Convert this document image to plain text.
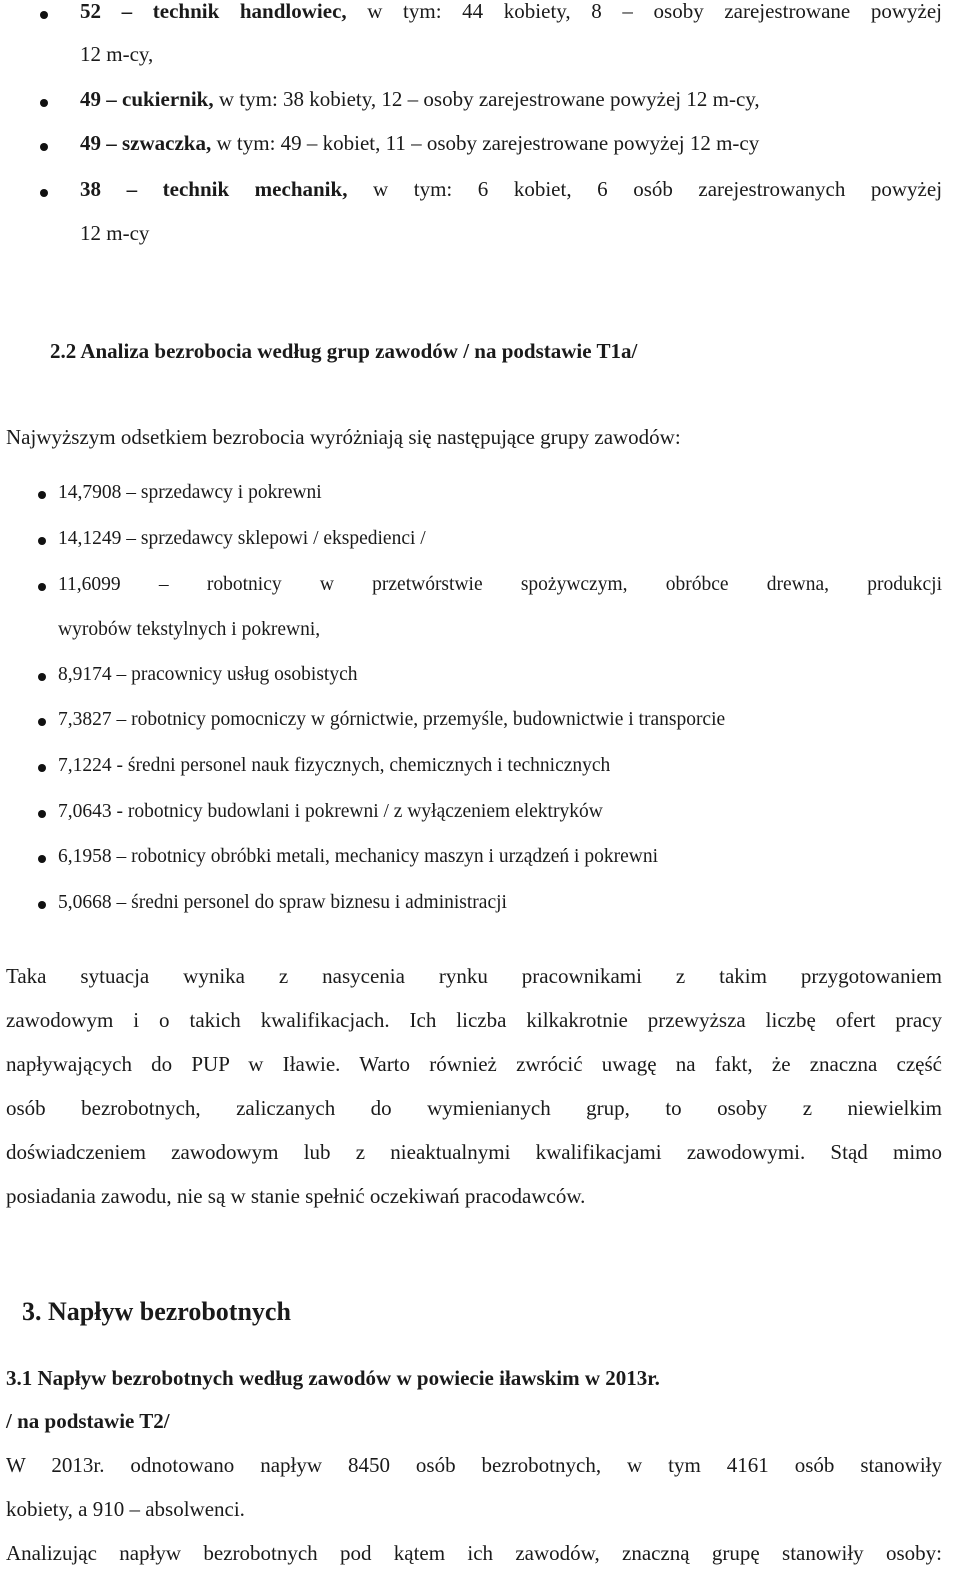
52 – technik handlowiec, w tym: 44 kobiety, 8 – osoby zarejestrowane powyżej
12 m-cy,
49 – cukiernik, w tym: 38 kobiety, 12 – osoby zarejestrowane powyżej 12 m-cy,
49 – szwaczka, w tym: 49 – kobiet, 11 – osoby zarejestrowane powyżej 12 m-cy
38 – technik mechanik, w tym: 6 kobiet, 6 osób zarejestrowanych powyżej
12 m-cy
2.2 Analiza bezrobocia według grup zawodów / na podstawie T1a/
Najwyższym odsetkiem bezrobocia wyróżniają się następujące grupy zawodów:
14,7908 – sprzedawcy i pokrewni
14,1249 – sprzedawcy sklepowi / ekspedienci /
11,6099 – robotnicy w przetwórstwie spożywczym, obróbce drewna, produkcji
wyrobów tekstylnych i pokrewni,
8,9174 – pracownicy usług osobistych
7,3827 – robotnicy pomocniczy w górnictwie, przemyśle, budownictwie i transporcie
7,1224 - średni personel nauk fizycznych, chemicznych i technicznych
7,0643 - robotnicy budowlani i pokrewni / z wyłączeniem elektryków
6,1958 – robotnicy obróbki metali, mechanicy maszyn i urządzeń i pokrewni
5,0668 – średni personel do spraw biznesu i administracji
Taka sytuacja wynika z nasycenia rynku pracownikami z takim przygotowaniem
zawodowym i o takich kwalifikacjach. Ich liczba kilkakrotnie przewyższa liczbę ofert pracy
napływających do PUP w Iławie. Warto również zwrócić uwagę na fakt, że znaczna część
osób bezrobotnych, zaliczanych do wymienianych grup, to osoby z niewielkim
doświadczeniem zawodowym lub z nieaktualnymi kwalifikacjami zawodowymi. Stąd mimo
posiadania zawodu, nie są w stanie spełnić oczekiwań pracodawców.
3. Napływ bezrobotnych
3.1 Napływ bezrobotnych według zawodów w powiecie iławskim w 2013r.
/ na podstawie T2/
W 2013r. odnotowano napływ 8450 osób bezrobotnych, w tym 4161 osób stanowiły
kobiety, a 910 – absolwenci.
Analizując napływ bezrobotnych pod kątem ich zawodów, znaczną grupę stanowiły osoby:
